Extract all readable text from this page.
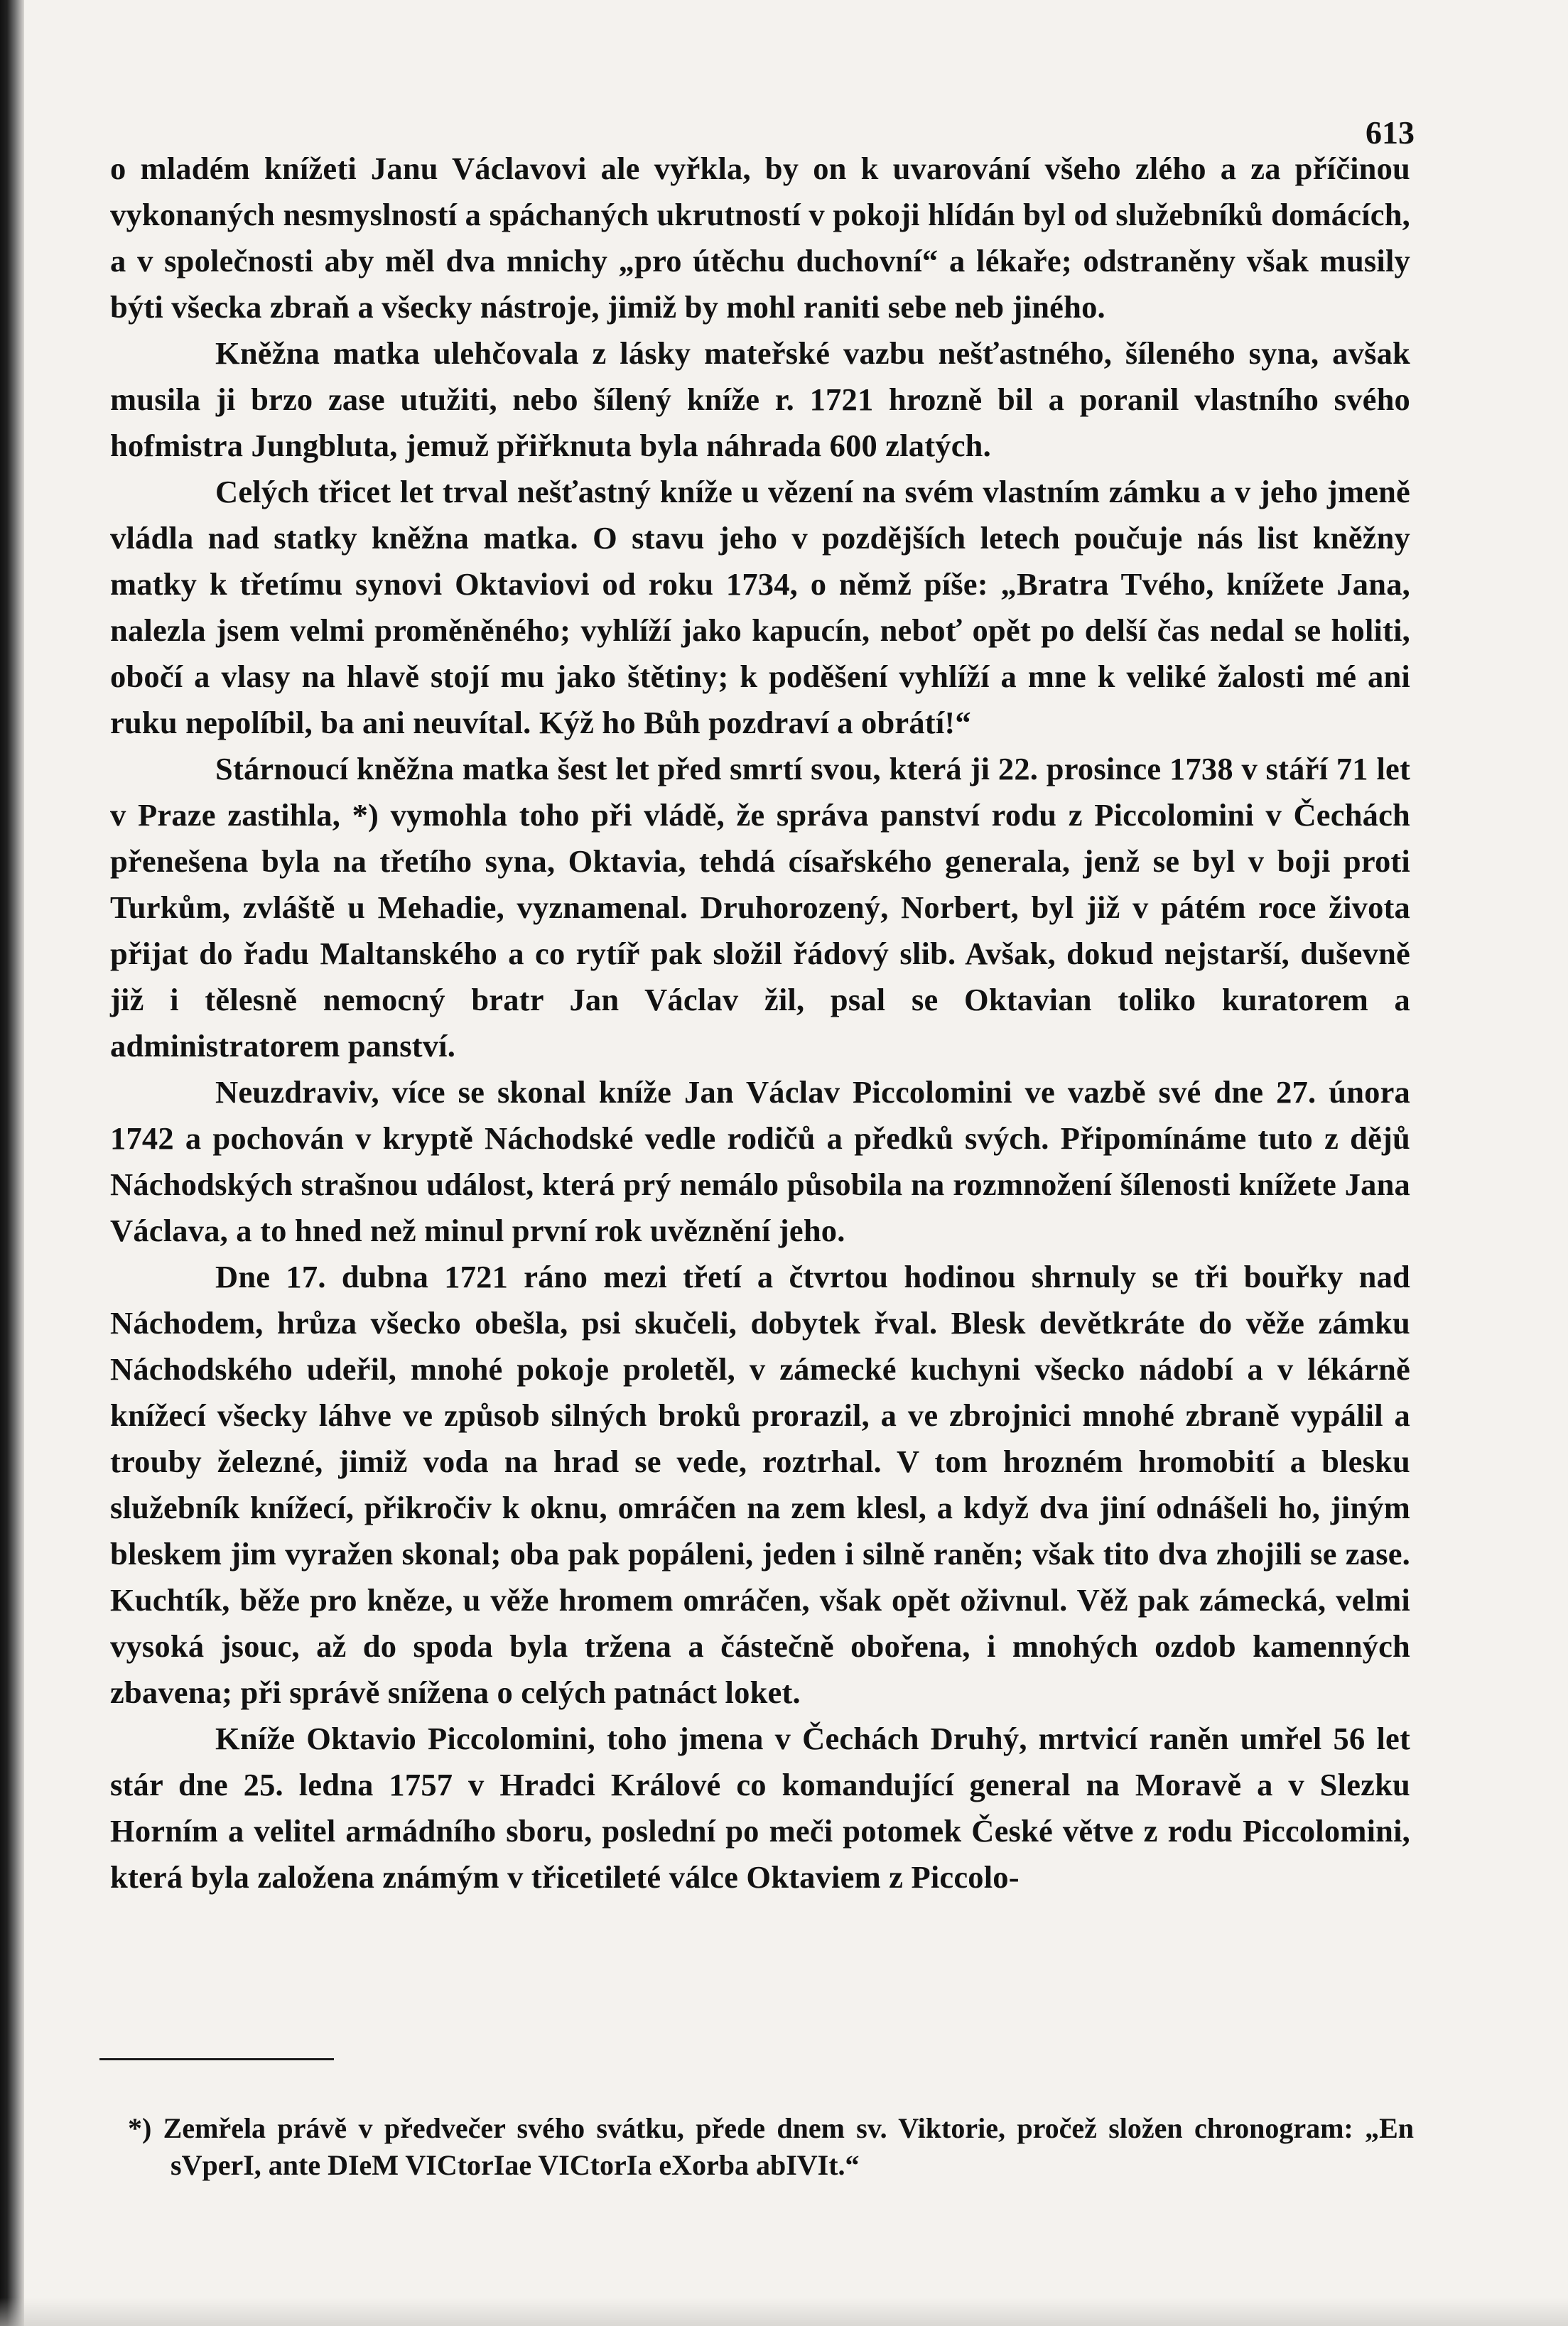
613

o mladém knížeti Janu Václavovi ale vyřkla, by on k uvarování všeho zlého a za příčinou vykonaných nesmyslností a spáchaných ukrutností v pokoji hlídán byl od služebníků domácích, a v společnosti aby měl dva mnichy „pro útěchu duchovní“ a lékaře; odstraněny však musily býti všecka zbraň a všecky nástroje, jimiž by mohl raniti sebe neb jiného.

Kněžna matka ulehčovala z lásky mateřské vazbu nešťastného, šíleného syna, avšak musila ji brzo zase utužiti, nebo šílený kníže r. 1721 hrozně bil a poranil vlastního svého hofmistra Jungbluta, jemuž přiřknuta byla náhrada 600 zlatých.

Celých třicet let trval nešťastný kníže u vězení na svém vlastním zámku a v jeho jmeně vládla nad statky kněžna matka. O stavu jeho v pozdějších letech poučuje nás list kněžny matky k třetímu synovi Oktaviovi od roku 1734, o němž píše: „Bratra Tvého, knížete Jana, nalezla jsem velmi proměněného; vyhlíží jako kapucín, neboť opět po delší čas nedal se holiti, obočí a vlasy na hlavě stojí mu jako štětiny; k poděšení vyhlíží a mne k veliké žalosti mé ani ruku nepolíbil, ba ani neuvítal. Kýž ho Bůh pozdraví a obrátí!“

Stárnoucí kněžna matka šest let před smrtí svou, která ji 22. prosince 1738 v stáří 71 let v Praze zastihla, *) vymohla toho při vládě, že správa panství rodu z Piccolomini v Čechách přenešena byla na třetího syna, Oktavia, tehdá císařského generala, jenž se byl v boji proti Turkům, zvláště u Mehadie, vyznamenal. Druhorozený, Norbert, byl již v pátém roce života přijat do řadu Maltanského a co rytíř pak složil řádový slib. Avšak, dokud nejstarší, duševně již i tělesně nemocný bratr Jan Václav žil, psal se Oktavian toliko kuratorem a administratorem panství.

Neuzdraviv, více se skonal kníže Jan Václav Piccolomini ve vazbě své dne 27. února 1742 a pochován v kryptě Náchodské vedle rodičů a předků svých. Připomínáme tuto z dějů Náchodských strašnou událost, která prý nemálo působila na rozmnožení šílenosti knížete Jana Václava, a to hned než minul první rok uvěznění jeho.

Dne 17. dubna 1721 ráno mezi třetí a čtvrtou hodinou shrnuly se tři bouřky nad Náchodem, hrůza všecko obešla, psi skučeli, dobytek řval. Blesk devětkráte do věže zámku Náchodského udeřil, mnohé pokoje proletěl, v zámecké kuchyni všecko nádobí a v lékárně knížecí všecky láhve ve způsob silných broků prorazil, a ve zbrojnici mnohé zbraně vypálil a trouby železné, jimiž voda na hrad se vede, roztrhal. V tom hrozném hromobití a blesku služebník knížecí, přikročiv k oknu, omráčen na zem klesl, a když dva jiní odnášeli ho, jiným bleskem jim vyražen skonal; oba pak popáleni, jeden i silně raněn; však tito dva zhojili se zase. Kuchtík, běže pro kněze, u věže hromem omráčen, však opět oživnul. Věž pak zámecká, velmi vysoká jsouc, až do spoda byla tržena a částečně obořena, i mnohých ozdob kamenných zbavena; při správě snížena o celých patnáct loket.

Kníže Oktavio Piccolomini, toho jmena v Čechách Druhý, mrtvicí raněn umřel 56 let stár dne 25. ledna 1757 v Hradci Králové co komandující general na Moravě a v Slezku Horním a velitel armádního sboru, poslední po meči potomek České větve z rodu Piccolomini, která byla založena známým v třicetileté válce Oktaviem z Piccolo-

*) Zemřela právě v předvečer svého svátku, přede dnem sv. Viktorie, pročež složen chronogram: „En sVperI, ante DIeM VICtorIae VICtorIa eXorba abIVIt.“
